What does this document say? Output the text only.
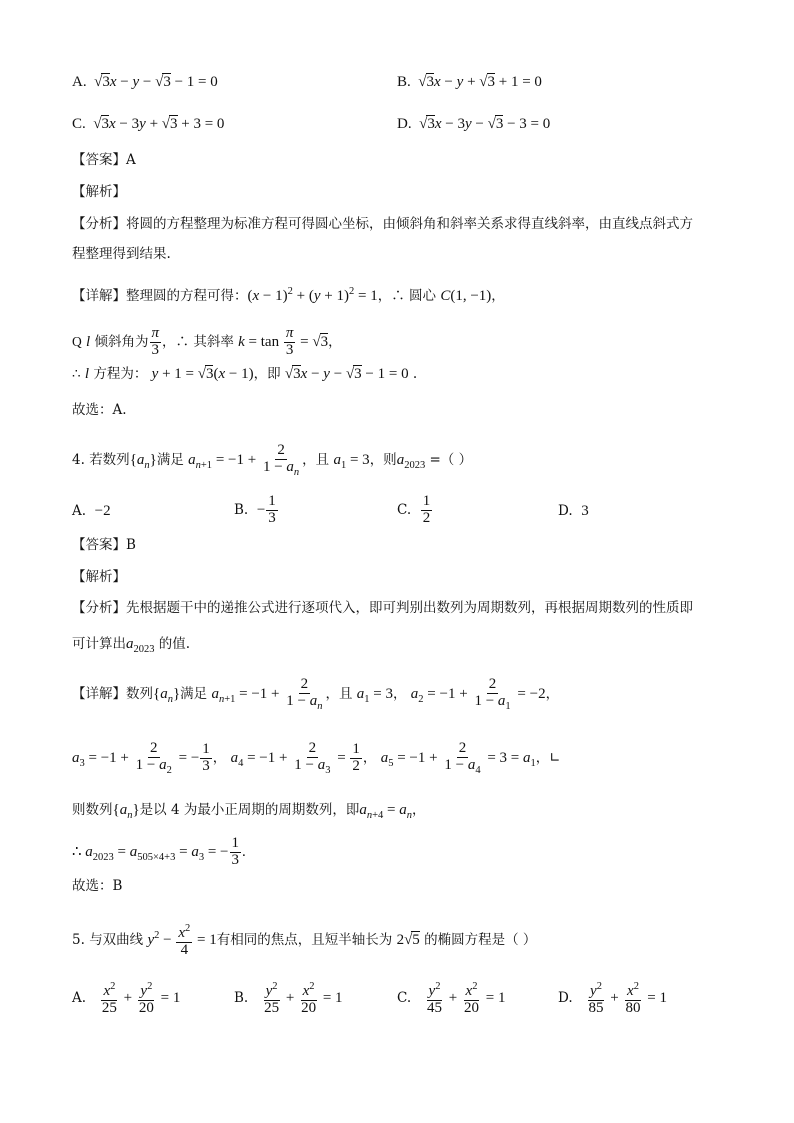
A. √3x − y − √3 − 1 = 0	B. √3x − y + √3 + 1 = 0
C. √3x − 3y + √3 + 3 = 0	D. √3x − 3y − √3 − 3 = 0
【答案】A
【解析】
【分析】将圆的方程整理为标准方程可得圆心坐标，由倾斜角和斜率关系求得直线斜率，由直线点斜式方
程整理得到结果.
【详解】整理圆的方程可得：$(x - 1)^2 + (y + 1)^2 = 1$，∴ 圆心 C(1, −1)，
Q l 倾斜角为 $\frac{\pi}{3}$ ，∴ 其斜率 $k = \tan \frac{\pi}{3} = √3$，
∴ l 方程为： y + 1 = √3(x − 1)，即 √3x − y − √3 − 1 = 0 .
故选：A.
4. 若数列$\{a_n\}$满足 $a_{n+1} = -1 + \frac{2}{1 - a_n}$ ，且 $a_1 = 3$，则$a_{2023}$ =（ ）
A. −2	B. − $\frac{1}{3}$	C. $\frac{1}{2}$	D. 3
【答案】B
【解析】
【分析】先根据题干中的递推公式进行逐项代入，即可判别出数列为周期数列，再根据周期数列的性质即
可计算出$a_{2023}$ 的值.
【详解】数列$\{a_n\}$满足 $a_{n+1} = -1 + \frac{2}{1 - a_n}$ ，且 $a_1 = 3$， $a_2 = -1 + \frac{2}{1 - a_1} = -2$，
$a_3 = -1 + \frac{2}{1 - a_2}$ = − $\frac{1}{3}$ ， $a_4 = -1 + \frac{2}{1 - a_3} = \frac{1}{2}$ ， $a_5 = -1 + \frac{2}{1 - a_4} = 3 = a_1$，∟
则数列$\{a_n\}$是以 4 为最小正周期的周期数列，即$a_{n+4} = a_n$，
∴ $a_{2023} = a_{505\times 4+3} = a_3$ = − $\frac{1}{3}$ .
故选：B
5. 与双曲线 $y^2 - \frac{x^2}{4} = 1$有相同的焦点，且短半轴长为 2√5 的椭圆方程是（ ）
A. $\frac{x^2}{25} + \frac{y^2}{20} = 1$	B. $\frac{y^2}{25} + \frac{x^2}{20} = 1$	C. $\frac{y^2}{45} + \frac{x^2}{20} = 1$	D. $\frac{y^2}{85} + \frac{x^2}{80} = 1$
